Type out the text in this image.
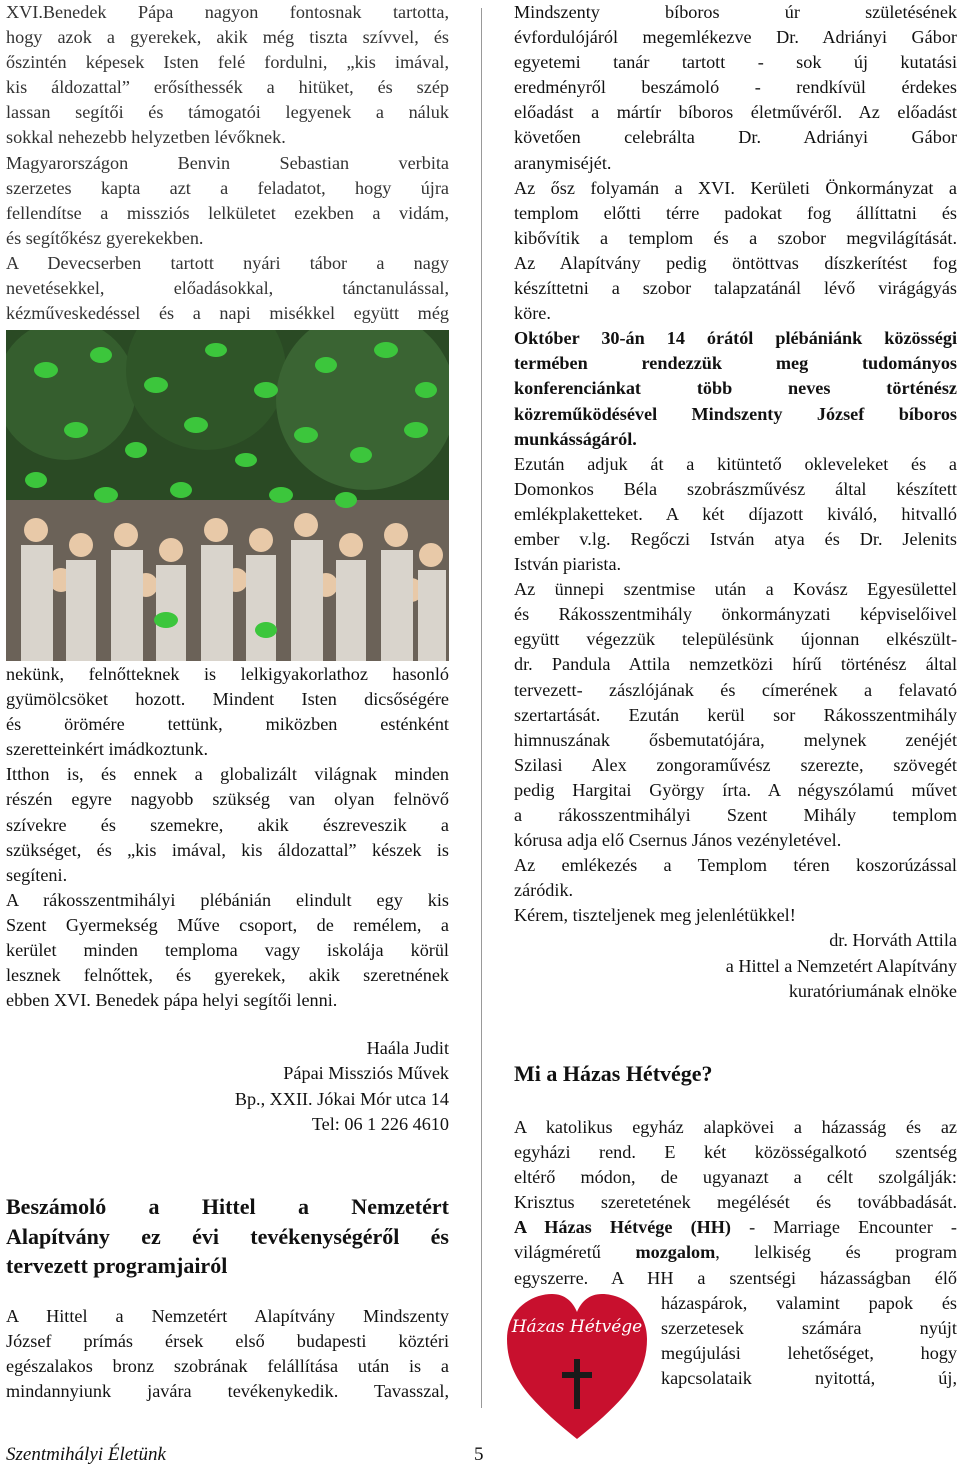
XVI.Benedek Pápa nagyon fontosnak tartotta,

hogy azok a gyerekek, akik még tiszta szívvel, és

őszintén képesek Isten felé fordulni, „kis imával,

kis áldozattal” erősíthessék a hitüket, és szép

lassan segítői és támogatói legyenek a náluk

sokkal nehezebb helyzetben lévőknek.

Magyarországon Benvin Sebastian verbita

szerzetes kapta azt a feladatot, hogy újra

fellendítse a missziós lelkületet ezekben a vidám,

és segítőkész gyerekekben.

A Devecserben tartott nyári tábor a nagy

nevetésekkel, előadásokkal, tánctanulással,

kézműveskedéssel és a napi misékkel együtt még

nekünk, felnőtteknek is lelkigyakorlathoz hasonló

gyümölcsöket hozott. Mindent Isten dicsőségére

és örömére tettünk, miközben esténként

szeretteinkért imádkoztunk.

Itthon is, és ennek a globalizált világnak minden

részén egyre nagyobb szükség van olyan felnövő

szívekre és szemekre, akik észreveszik a

szükséget, és „kis imával, kis áldozattal” készek is

segíteni.

A rákosszentmihályi plébánián elindult egy kis

Szent Gyermekség Műve csoport, de remélem, a

kerület minden temploma vagy iskolája körül

lesznek felnőttek, és gyerekek, akik szeretnének

ebben XVI. Benedek pápa helyi segítői lenni.

Haála Judit

Pápai Missziós Művek

Bp., XXII. Jókai Mór utca 14

Tel: 06 1 226 4610

Beszámoló a Hittel a Nemzetért
Alapítvány ez évi tevékenységéről és
tervezett programjairól

A Hittel a Nemzetért Alapítvány Mindszenty

József prímás érsek első budapesti köztéri

egészalakos bronz szobrának felállítása után is a

mindannyiunk javára tevékenykedik. Tavasszal,

Mindszenty bíboros úr születésének

évfordulójáról megemlékezve Dr. Adriányi Gábor

egyetemi tanár tartott - sok új kutatási

eredményről beszámoló - rendkívül érdekes

előadást a mártír bíboros életművéről. Az előadást

követően celebrálta Dr. Adriányi Gábor

aranymiséjét.

Az ősz folyamán a XVI. Kerületi Önkormányzat a

templom előtti térre padokat fog állíttatni és

kibővítik a templom és a szobor megvilágítását.

Az Alapítvány pedig öntöttvas díszkerítést fog

készíttetni a szobor talapzatánál lévő virágágyás

köre.

Október 30-án 14 órától plébániánk közösségi

termében rendezzük meg tudományos

konferenciánkat több neves történész

közreműködésével Mindszenty József bíboros

munkásságáról.

Ezután adjuk át a kitüntető okleveleket és a

Domonkos Béla szobrászművész által készített

emlékplaketteket. A két díjazott kiváló, hitvalló

ember v.lg. Regőczi István atya és Dr. Jelenits

István piarista.

Az ünnepi szentmise után a Kovász Egyesülettel

és Rákosszentmihály önkormányzati képviselőivel

együtt végezzük településünk újonnan elkészült-

dr. Pandula Attila nemzetközi hírű történész által

tervezett- zászlójának és címerének a felavató

szertartását. Ezután kerül sor Rákosszentmihály

himnuszának ősbemutatójára, melynek zenéjét

Szilasi Alex zongoraművész szerezte, szövegét

pedig Hargitai György írta. A négyszólamú művet

a rákosszentmihályi Szent Mihály templom

kórusa adja elő Csernus János vezényletével.

Az emlékezés a Templom téren koszorúzással

záródik.

Kérem, tiszteljenek meg jelenlétükkel!

dr. Horváth Attila

a Hittel a Nemzetért Alapítvány

kuratóriumának elnöke

Mi a Házas Hétvége?

A katolikus egyház alapkövei a házasság és az

egyházi rend. E két közösségalkotó szentség

eltérő módon, de ugyanazt a célt szolgálják:

Krisztus szeretetének megélését és továbbadását.

A Házas Hétvége (HH) - Marriage Encounter -

világméretű mozgalom, lelkiség és program

egyszerre. A HH a szentségi házasságban élő

házaspárok, valamint papok és

szerzetesek számára nyújt

megújulási lehetőséget, hogy

kapcsolataik nyitottá, új,

Házas Hétvége
Szentmihályi Életünk	5
